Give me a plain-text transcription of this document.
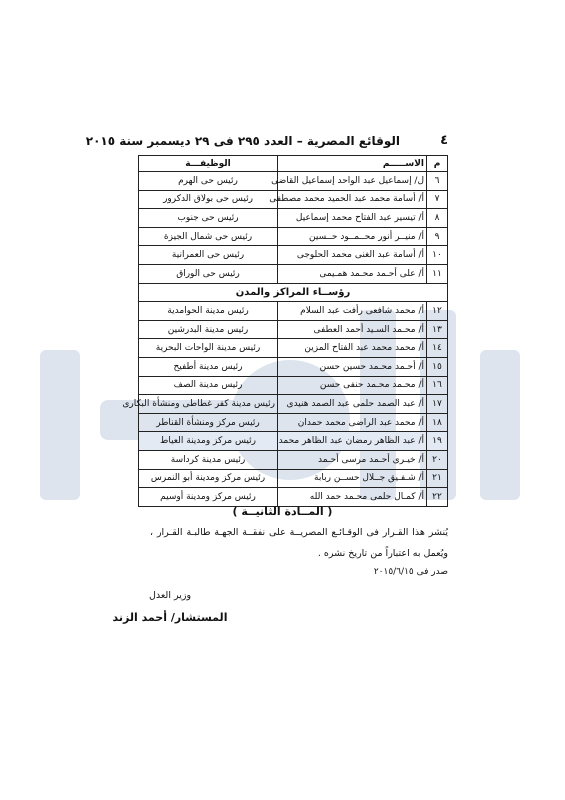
٤
الوقائع المصرية – العدد ٢٩٥ فى ٢٩ ديسمبر سنة ٢٠١٥
م	الاســـــم	الوظيفـــة
٦	ل/ إسماعيل عبد الواحد إسماعيل القاضى	رئيس حى الهرم
٧	أ/ أسامة محمد عبد الحميد محمد مصطفى	رئيس حى بولاق الدكرور
٨	أ/ تيسير عبد الفتاح محمد إسماعيل	رئيس حى جنوب
٩	أ/ منيــر أنور محــمــود حــسين	رئيس حى شمال الجيزة
١٠	أ/ أسامة عبد الغنى محمد الحلوجى	رئيس حى العمرانية
١١	أ/ على أحـمد محـمد همـيمى	رئيس حى الوراق
رؤســاء المراكز والمدن		
١٢	أ/ محمد شافعى رأفت عبد السلام	رئيس مدينة الحوامدية
١٣	أ/ محـمد السـيد أحمد العطفى	رئيس مدينة البدرشين
١٤	أ/ محمد محمد عبد الفتاح المزين	رئيس مدينة الواحات البحرية
١٥	أ/ أحـمد محـمد حسين حسن	رئيس مدينة أطفيح
١٦	أ/ محـمد محـمد حنفى حسن	رئيس مدينة الصف
١٧	أ/ عبد الصمد حلمى عبد الصمد هنيدى	رئيس مدينة كفر غطاطى ومنشأة البكارى
١٨	أ/ محمد عبد الراضى محمد حمدان	رئيس مركز ومنشأة القناطر
١٩	أ/ عبد الظاهر رمضان عبد الظاهر محمد	رئيس مركز ومدينة العياط
٢٠	أ/ خيـرى أحـمد مرسى أحـمد	رئيس مدينة كرداسة
٢١	أ/ شـفـيق جــلال حســن ربابة	رئيس مركز ومدينة أبو النمرس
٢٢	أ/ كمـال حلمى محـمد حمد الله	رئيس مركز ومدينة أوسيم
( المــادة الثانيــة )
يُنشر هذا القـرار فى الوقـائـع المصريــة على نفقــة الجهـة طالبـة القـرار ،
ويُعمل به اعتباراً من تاريخ نشره .
صدر فى ٢٠١٥/٦/١٥
وزير العدل
المستشار/ أحمد الزند
